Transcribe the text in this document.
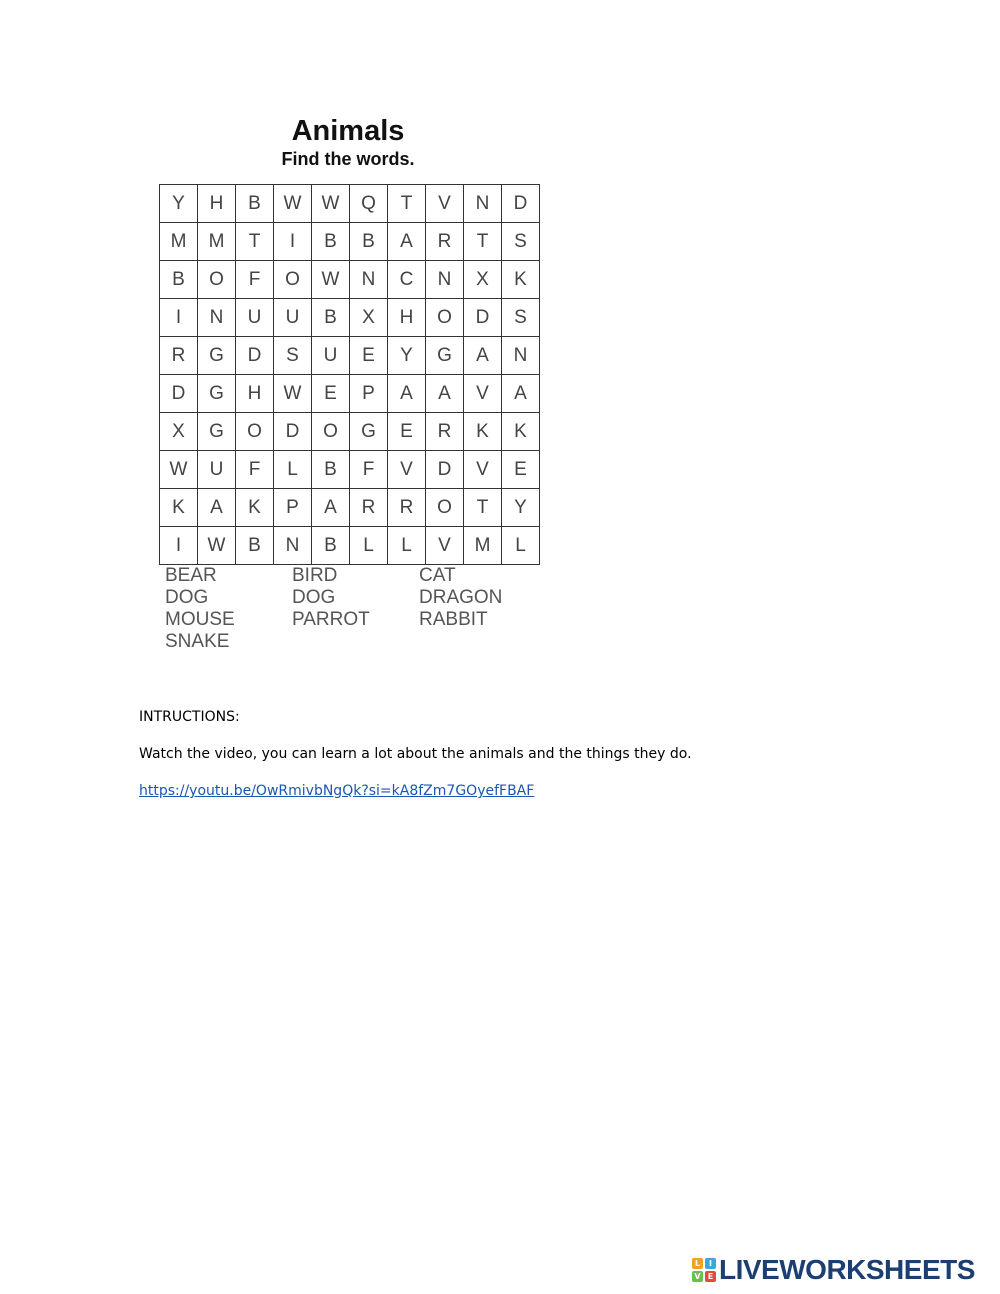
Animals
Find the words.
Y	H	B	W	W	Q	T	V	N	D
M	M	T	I	B	B	A	R	T	S
B	O	F	O	W	N	C	N	X	K
I	N	U	U	B	X	H	O	D	S
R	G	D	S	U	E	Y	G	A	N
D	G	H	W	E	P	A	A	V	A
X	G	O	D	O	G	E	R	K	K
W	U	F	L	B	F	V	D	V	E
K	A	K	P	A	R	R	O	T	Y
I	W	B	N	B	L	L	V	M	L
BEAR	BIRD	CAT
DOG	DOG	DRAGON
MOUSE	PARROT	RABBIT
SNAKE
INTRUCTIONS:
Watch the video, you can learn a lot about the animals and the things they do.
https://youtu.be/OwRmivbNgQk?si=kA8fZm7GOyefFBAF
L	I
V E LIVEWORKSHEETS
